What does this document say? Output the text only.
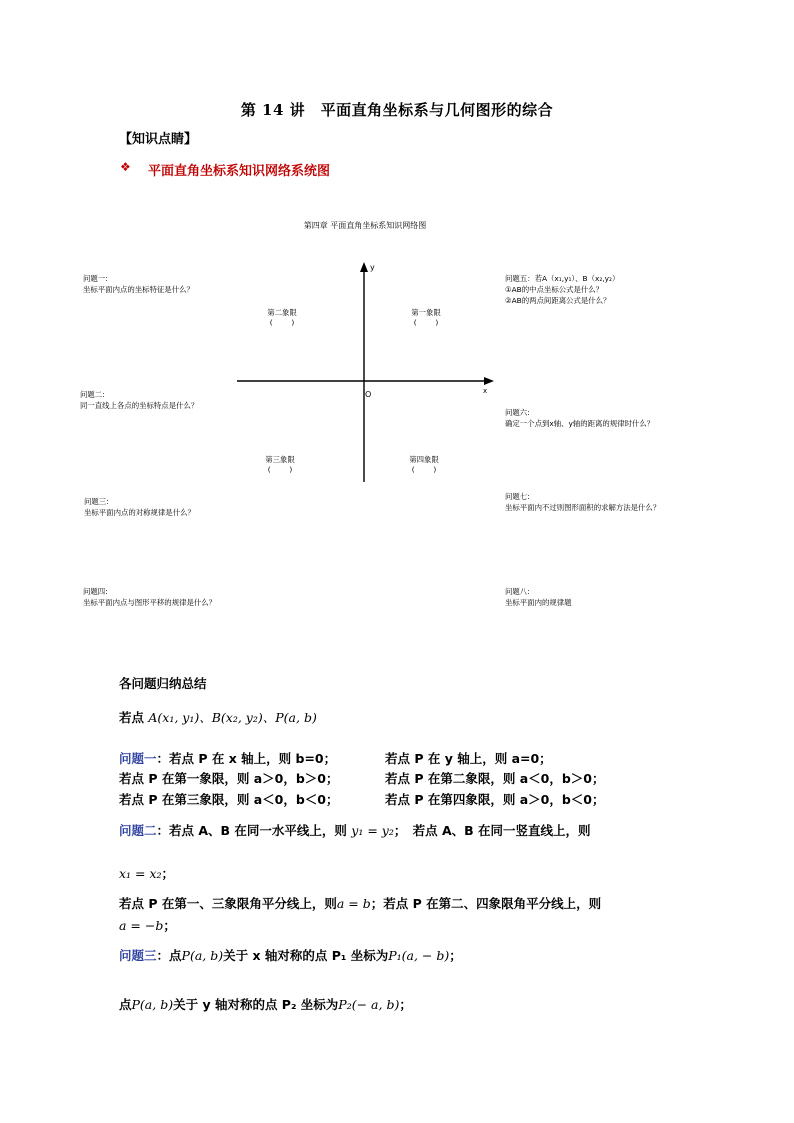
第 14 讲　平面直角坐标系与几何图形的综合
【知识点睛】
❖ 平面直角坐标系知识网络系统图
第四章 平面直角坐标系知识网络图
y
x
O
第二象限
(        )
第一象限
(        )
第三象限
(        )
第四象限
(        )
问题一:
坐标平面内点的坐标特征是什么？
问题二:
同一直线上各点的坐标特点是什么？
问题三:
坐标平面内点的对称规律是什么？
问题四:
坐标平面内点与图形平移的规律是什么？
问题五：若A（x₁,y₁）、B（x₂,y₂）
①AB的中点坐标公式是什么？
②AB的两点间距离公式是什么？
问题六:
确定一个点到x轴、y轴的距离的规律时什么？
问题七:
坐标平面内不过则图形面积的求解方法是什么？
问题八:
坐标平面内的规律题
各问题归纳总结
若点 A(x₁, y₁)、B(x₂, y₂)、P(a, b)
问题一：若点 P 在 x 轴上，则 b=0；	若点 P 在 y 轴上，则 a=0；
若点 P 在第一象限，则 a＞0，b＞0；	若点 P 在第二象限，则 a＜0，b＞0；
若点 P 在第三象限，则 a＜0，b＜0；	若点 P 在第四象限，则 a＞0，b＜0；
问题二：若点 A、B 在同一水平线上，则 y₁ = y₂；　若点 A、B 在同一竖直线上，则
x₁ = x₂；
若点 P 在第一、三象限角平分线上，则a = b；若点 P 在第二、四象限角平分线上，则
a = −b；
问题三：点P(a, b)关于 x 轴对称的点 P₁ 坐标为P₁(a, − b)；
点P(a, b)关于 y 轴对称的点 P₂ 坐标为P₂(− a, b)；
